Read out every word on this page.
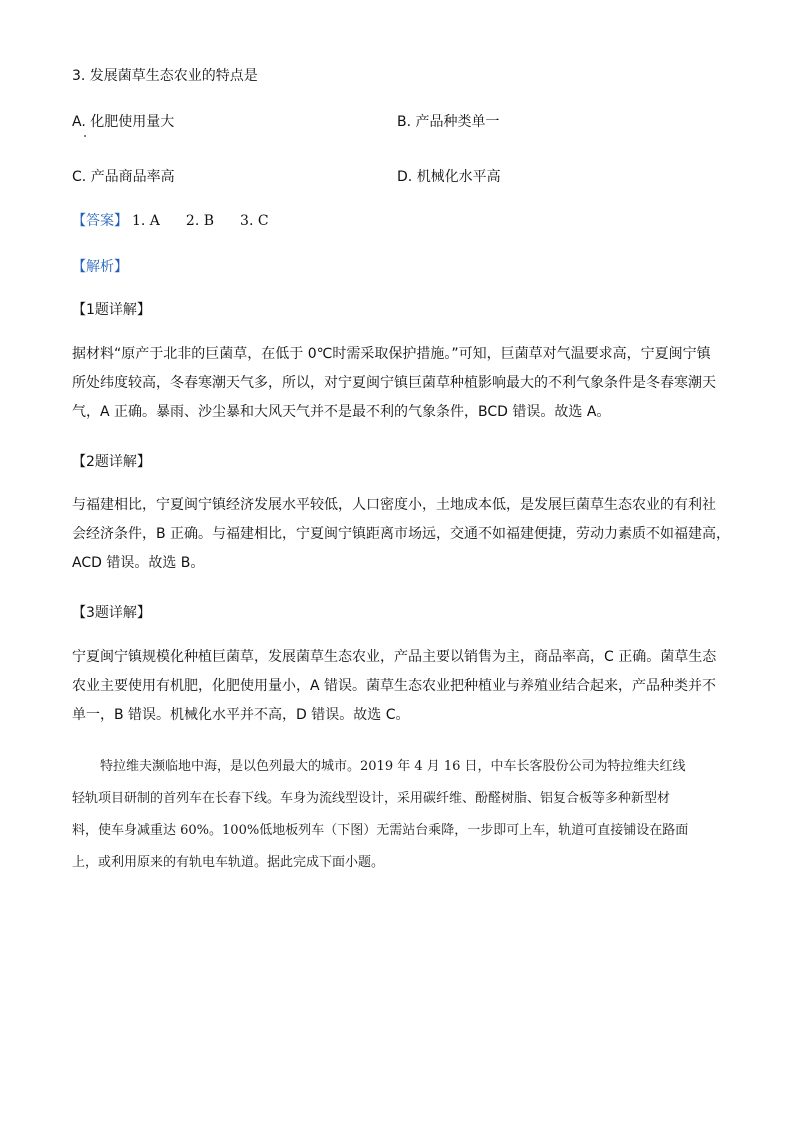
3. 发展菌草生态农业的特点是
A. 化肥使用量大	B. 产品种类单一
C. 产品商品率高	D. 机械化水平高
【答案】 1. A 2. B 3. C
【解析】
【1题详解】
据材料“原产于北非的巨菌草，在低于 0℃时需采取保护措施。”可知，巨菌草对气温要求高，宁夏闽宁镇
所处纬度较高，冬春寒潮天气多，所以，对宁夏闽宁镇巨菌草种植影响最大的不利气象条件是冬春寒潮天
气，A 正确。暴雨、沙尘暴和大风天气并不是最不利的气象条件，BCD 错误。故选 A。
【2题详解】
与福建相比，宁夏闽宁镇经济发展水平较低，人口密度小，土地成本低，是发展巨菌草生态农业的有利社
会经济条件，B 正确。与福建相比，宁夏闽宁镇距离市场远，交通不如福建便捷，劳动力素质不如福建高，
ACD 错误。故选 B。
【3题详解】
宁夏闽宁镇规模化种植巨菌草，发展菌草生态农业，产品主要以销售为主，商品率高，C 正确。菌草生态
农业主要使用有机肥，化肥使用量小，A 错误。菌草生态农业把种植业与养殖业结合起来，产品种类并不
单一，B 错误。机械化水平并不高，D 错误。故选 C。
特拉维夫濒临地中海，是以色列最大的城市。2019 年 4 月 16 日，中车长客股份公司为特拉维夫红线
轻轨项目研制的首列车在长春下线。车身为流线型设计，采用碳纤维、酚醛树脂、铝复合板等多种新型材
料，使车身减重达 60%。100%低地板列车（下图）无需站台乘降，一步即可上车，轨道可直接铺设在路面
上，或利用原来的有轨电车轨道。据此完成下面小题。
